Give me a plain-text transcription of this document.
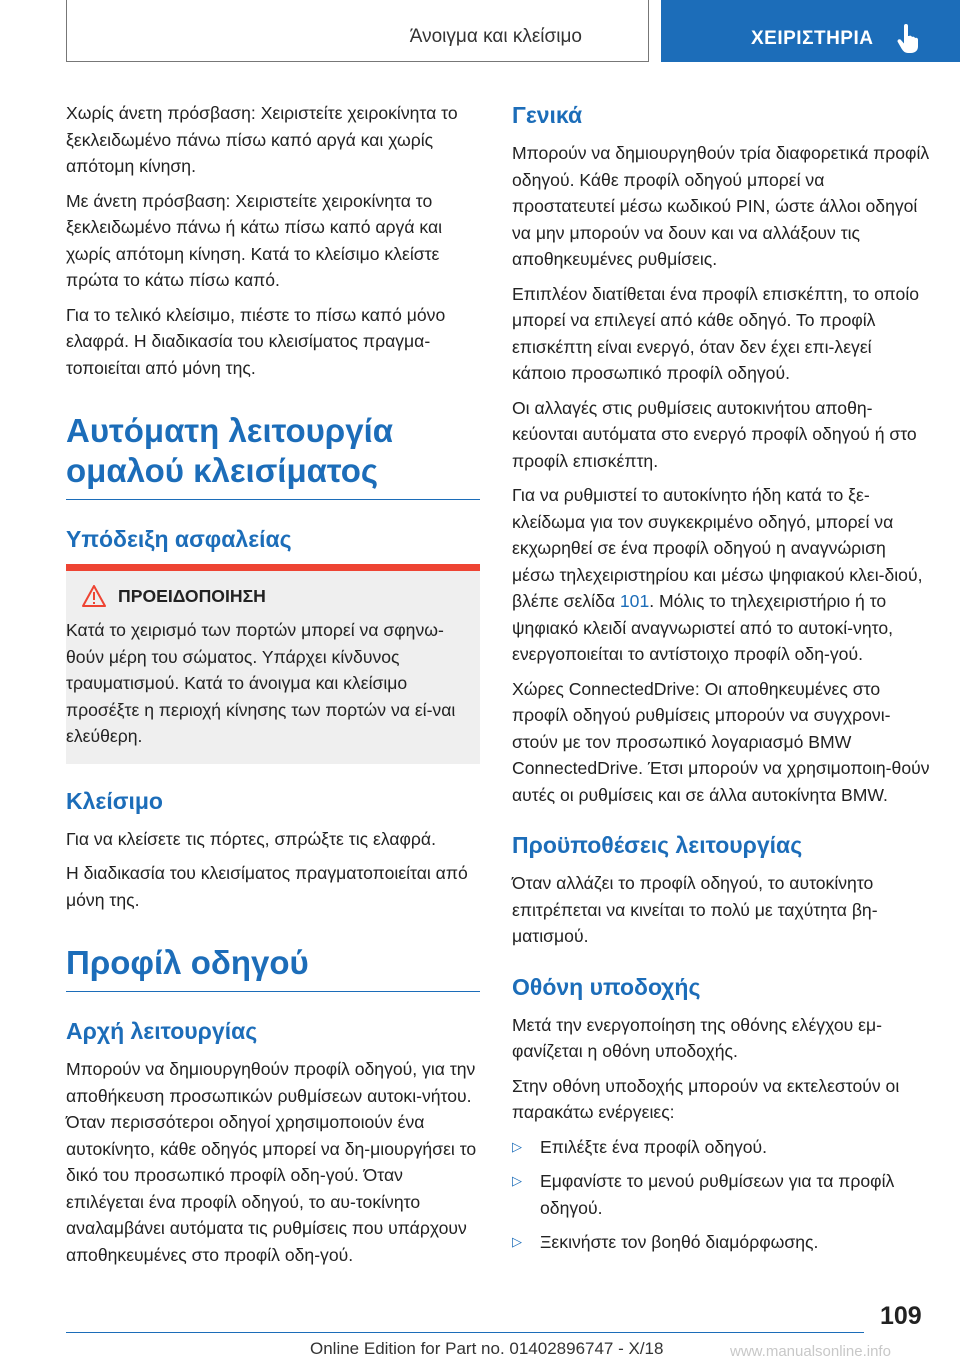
Άνοιγμα και κλείσιμο	ΧΕΙΡΙΣΤΗΡΙΑ

Χωρίς άνετη πρόσβαση: Χειριστείτε χειροκίνητα το ξεκλειδωμένο πάνω πίσω καπό αργά και χωρίς απότομη κίνηση.

Με άνετη πρόσβαση: Χειριστείτε χειροκίνητα το ξεκλειδωμένο πάνω ή κάτω πίσω καπό αργά και χωρίς απότομη κίνηση. Κατά το κλείσιμο κλείστε πρώτα το κάτω πίσω καπό.

Για το τελικό κλείσιμο, πιέστε το πίσω καπό μόνο ελαφρά. Η διαδικασία του κλεισίματος πραγμα-τοποιείται από μόνη της.

Αυτόματη λειτουργία ομαλού κλεισίματος
Υπόδειξη ασφαλείας
ΠΡΟΕΙΔΟΠΟΙΗΣΗ

Κατά το χειρισμό των πορτών μπορεί να σφηνω-θούν μέρη του σώματος. Υπάρχει κίνδυνος τραυματισμού. Κατά το άνοιγμα και κλείσιμο προσέξτε η περιοχή κίνησης των πορτών να εί-ναι ελεύθερη.

Κλείσιμο

Για να κλείσετε τις πόρτες, σπρώξτε τις ελαφρά.

Η διαδικασία του κλεισίματος πραγματοποιείται από μόνη της.

Προφίλ οδηγού
Αρχή λειτουργίας

Μπορούν να δημιουργηθούν προφίλ οδηγού, για την αποθήκευση προσωπικών ρυθμίσεων αυτοκι-νήτου. Όταν περισσότεροι οδηγοί χρησιμοποιούν ένα αυτοκίνητο, κάθε οδηγός μπορεί να δη-μιουργήσει το δικό του προσωπικό προφίλ οδη-γού. Όταν επιλέγεται ένα προφίλ οδηγού, το αυ-τοκίνητο αναλαμβάνει αυτόματα τις ρυθμίσεις που υπάρχουν αποθηκευμένες στο προφίλ οδη-γού.

Γενικά

Μπορούν να δημιουργηθούν τρία διαφορετικά προφίλ οδηγού. Κάθε προφίλ οδηγού μπορεί να προστατευτεί μέσω κωδικού PIN, ώστε άλλοι οδηγοί να μην μπορούν να δουν και να αλλάξουν τις αποθηκευμένες ρυθμίσεις.

Επιπλέον διατίθεται ένα προφίλ επισκέπτη, το οποίο μπορεί να επιλεγεί από κάθε οδηγό. Το προφίλ επισκέπτη είναι ενεργό, όταν δεν έχει επι-λεγεί κάποιο προσωπικό προφίλ οδηγού.

Οι αλλαγές στις ρυθμίσεις αυτοκινήτου αποθη-κεύονται αυτόματα στο ενεργό προφίλ οδηγού ή στο προφίλ επισκέπτη.

Για να ρυθμιστεί το αυτοκίνητο ήδη κατά το ξε-κλείδωμα για τον συγκεκριμένο οδηγό, μπορεί να εκχωρηθεί σε ένα προφίλ οδηγού η αναγνώριση μέσω τηλεχειριστηρίου και μέσω ψηφιακού κλει-διού, βλέπε σελίδα 101. Μόλις το τηλεχειριστήριο ή το ψηφιακό κλειδί αναγνωριστεί από το αυτοκί-νητο, ενεργοποιείται το αντίστοιχο προφίλ οδη-γού.

Χώρες ConnectedDrive: Οι αποθηκευμένες στο προφίλ οδηγού ρυθμίσεις μπορούν να συγχρονι-στούν με τον προσωπικό λογαριασμό BMW ConnectedDrive. Έτσι μπορούν να χρησιμοποιη-θούν αυτές οι ρυθμίσεις και σε άλλα αυτοκίνητα BMW.

Προϋποθέσεις λειτουργίας

Όταν αλλάζει το προφίλ οδηγού, το αυτοκίνητο επιτρέπεται να κινείται το πολύ με ταχύτητα βη-ματισμού.

Οθόνη υποδοχής

Μετά την ενεργοποίηση της οθόνης ελέγχου εμ-φανίζεται η οθόνη υποδοχής.

Στην οθόνη υποδοχής μπορούν να εκτελεστούν οι παρακάτω ενέργειες:

▷	Επιλέξτε ένα προφίλ οδηγού.

▷	Εμφανίστε το μενού ρυθμίσεων για τα προφίλ οδηγού.

▷	Ξεκινήστε τον βοηθό διαμόρφωσης.

109
Online Edition for Part no. 01402896747 - X/18	www.manualsonline.info
